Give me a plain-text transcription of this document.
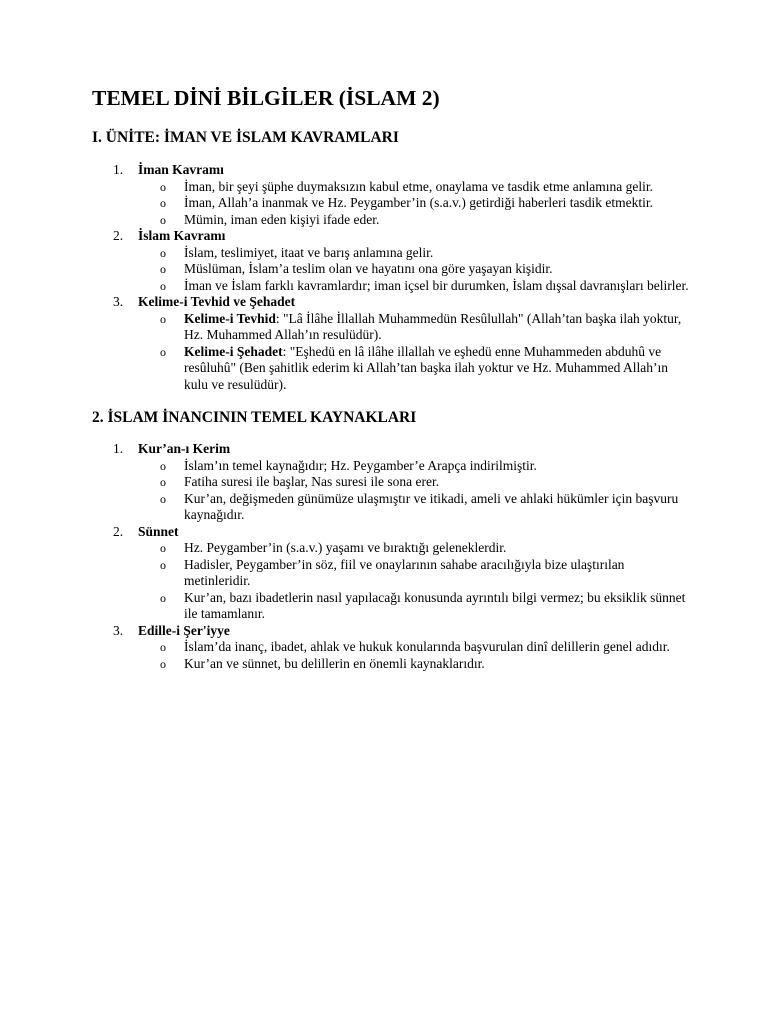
TEMEL DİNİ BİLGİLER (İSLAM 2)
I. ÜNİTE: İMAN VE İSLAM KAVRAMLARI
1. İman Kavramı
o İman, bir şeyi şüphe duymaksızın kabul etme, onaylama ve tasdik etme anlamına gelir.
o İman, Allah’a inanmak ve Hz. Peygamber’in (s.a.v.) getirdiği haberleri tasdik etmektir.
o Mümin, iman eden kişiyi ifade eder.
2. İslam Kavramı
o İslam, teslimiyet, itaat ve barış anlamına gelir.
o Müslüman, İslam’a teslim olan ve hayatını ona göre yaşayan kişidir.
o İman ve İslam farklı kavramlardır; iman içsel bir durumken, İslam dışsal davranışları belirler.
3. Kelime-i Tevhid ve Şehadet
o Kelime-i Tevhid: "Lâ İlâhe İllallah Muhammedün Resûlullah" (Allah’tan başka ilah yoktur, Hz. Muhammed Allah’ın resulüdür).
o Kelime-i Şehadet: "Eşhedü en lâ ilâhe illallah ve eşhedü enne Muhammeden abduhû ve resûluhû" (Ben şahitlik ederim ki Allah’tan başka ilah yoktur ve Hz. Muhammed Allah’ın kulu ve resulüdür).
2. İSLAM İNANCININ TEMEL KAYNAKLARI
1. Kur’an-ı Kerim
o İslam’ın temel kaynağıdır; Hz. Peygamber’e Arapça indirilmiştir.
o Fatiha suresi ile başlar, Nas suresi ile sona erer.
o Kur’an, değişmeden günümüze ulaşmıştır ve itikadi, ameli ve ahlaki hükümler için başvuru kaynağıdır.
2. Sünnet
o Hz. Peygamber’in (s.a.v.) yaşamı ve bıraktığı geleneklerdir.
o Hadisler, Peygamber’in söz, fiil ve onaylarının sahabe aracılığıyla bize ulaştırılan metinleridir.
o Kur’an, bazı ibadetlerin nasıl yapılacağı konusunda ayrıntılı bilgi vermez; bu eksiklik sünnet ile tamamlanır.
3. Edille-i Şer'iyye
o İslam’da inanç, ibadet, ahlak ve hukuk konularında başvurulan dinî delillerin genel adıdır.
o Kur’an ve sünnet, bu delillerin en önemli kaynaklarıdır.
